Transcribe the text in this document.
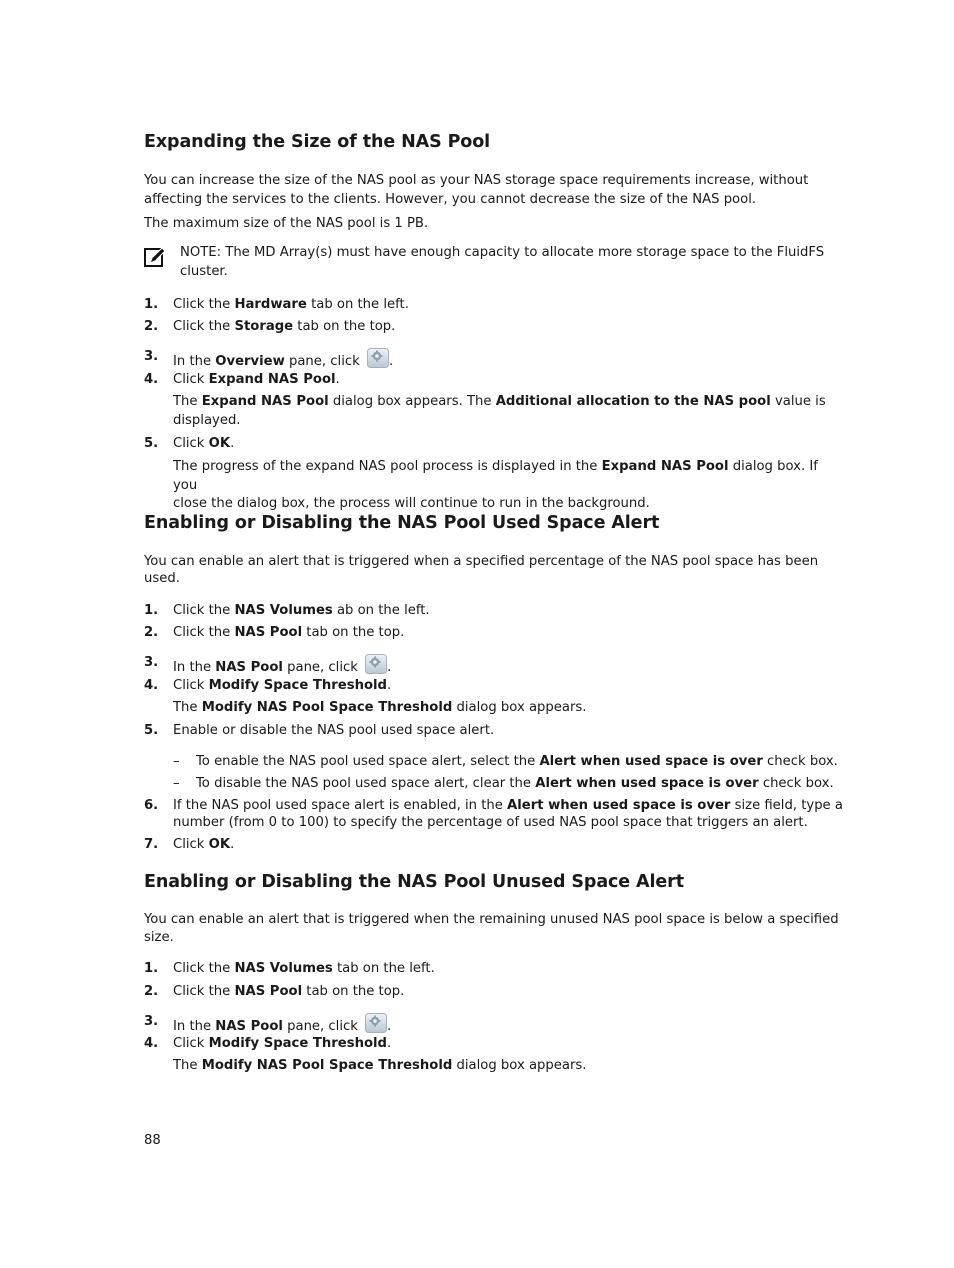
Expanding the Size of the NAS Pool

You can increase the size of the NAS pool as your NAS storage space requirements increase, without

affecting the services to the clients. However, you cannot decrease the size of the NAS pool.

The maximum size of the NAS pool is 1 PB.

NOTE: The MD Array(s) must have enough capacity to allocate more storage space to the FluidFS

cluster.

1. Click the Hardware tab on the left.
2. Click the Storage tab on the top.
3. In the Overview pane, click .
4. Click Expand NAS Pool.
The Expand NAS Pool dialog box appears. The Additional allocation to the NAS pool value is
displayed.
5. Click OK.
The progress of the expand NAS pool process is displayed in the Expand NAS Pool dialog box. If you
close the dialog box, the process will continue to run in the background.
Enabling or Disabling the NAS Pool Used Space Alert

You can enable an alert that is triggered when a specified percentage of the NAS pool space has been

used.

1. Click the NAS Volumes ab on the left.
2. Click the NAS Pool tab on the top.
3. In the NAS Pool pane, click .
4. Click Modify Space Threshold.
The Modify NAS Pool Space Threshold dialog box appears.
5. Enable or disable the NAS pool used space alert.
– To enable the NAS pool used space alert, select the Alert when used space is over check box.
– To disable the NAS pool used space alert, clear the Alert when used space is over check box.
6. If the NAS pool used space alert is enabled, in the Alert when used space is over size field, type a
number (from 0 to 100) to specify the percentage of used NAS pool space that triggers an alert.
7. Click OK.
Enabling or Disabling the NAS Pool Unused Space Alert

You can enable an alert that is triggered when the remaining unused NAS pool space is below a specified

size.

1. Click the NAS Volumes tab on the left.
2. Click the NAS Pool tab on the top.
3. In the NAS Pool pane, click .
4. Click Modify Space Threshold.
The Modify NAS Pool Space Threshold dialog box appears.
88
